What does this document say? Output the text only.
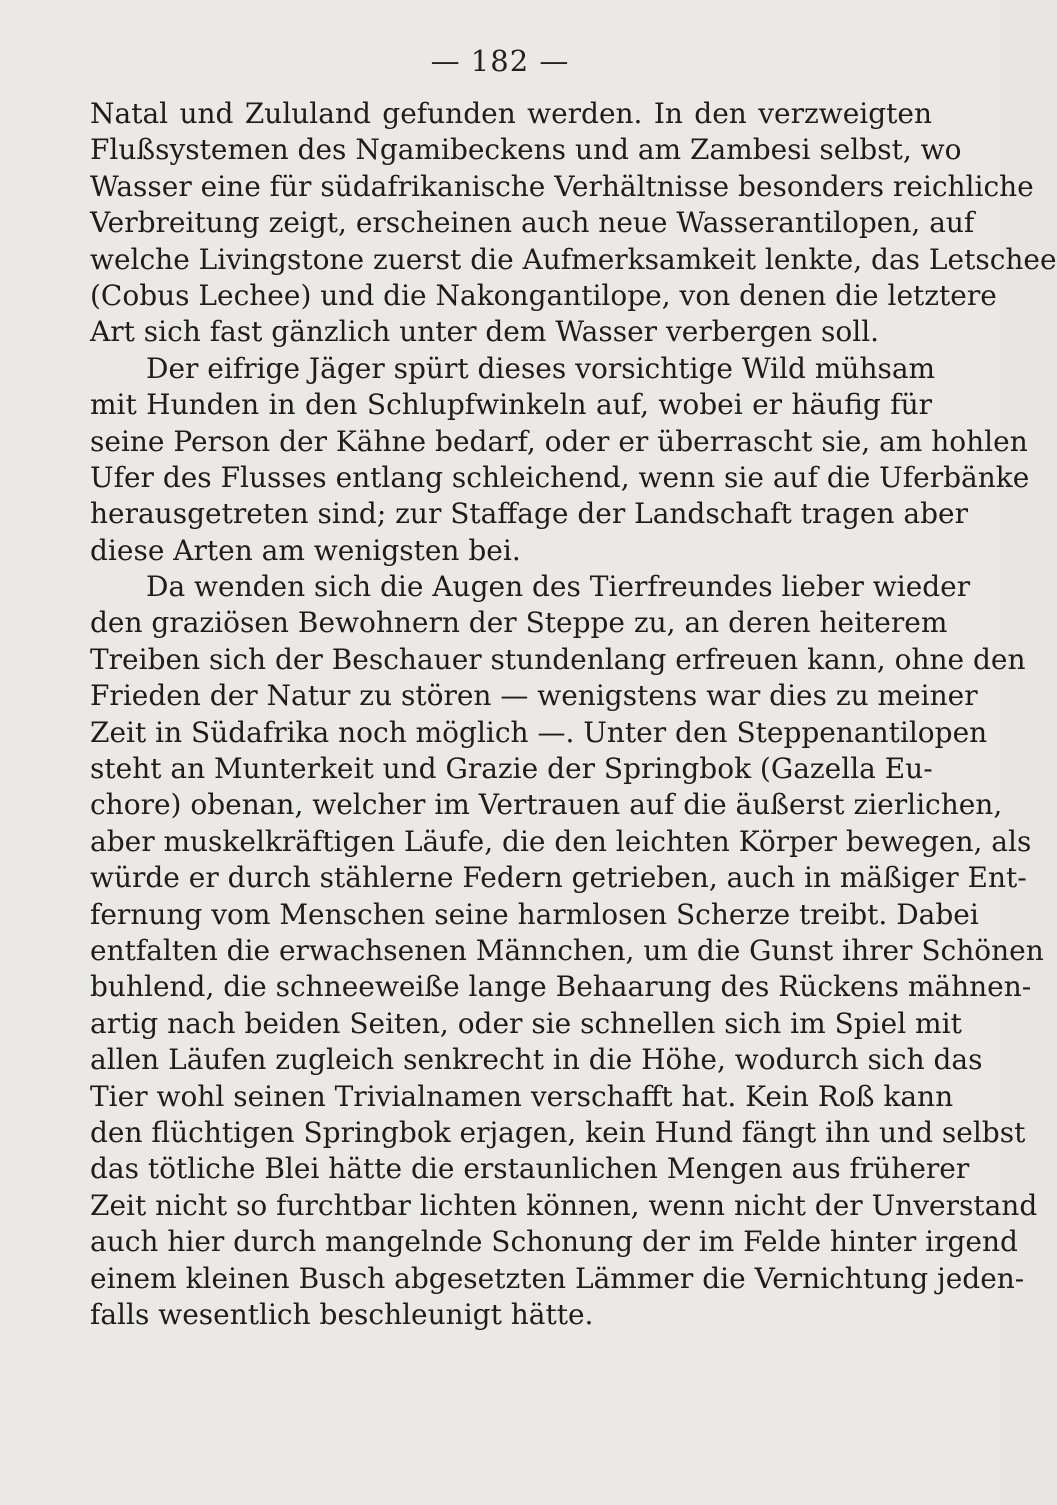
— 182 —
Natal und Zululand gefunden werden. In den verzweigten
Flußsystemen des Ngamibeckens und am Zambesi selbst, wo
Wasser eine für südafrikanische Verhältnisse besonders reichliche
Verbreitung zeigt, erscheinen auch neue Wasserantilopen, auf
welche Livingstone zuerst die Aufmerksamkeit lenkte, das Letschee
(Cobus Lechee) und die Nakongantilope, von denen die letztere
Art sich fast gänzlich unter dem Wasser verbergen soll.
Der eifrige Jäger spürt dieses vorsichtige Wild mühsam
mit Hunden in den Schlupfwinkeln auf, wobei er häufig für
seine Person der Kähne bedarf, oder er überrascht sie, am hohlen
Ufer des Flusses entlang schleichend, wenn sie auf die Uferbänke
herausgetreten sind; zur Staffage der Landschaft tragen aber
diese Arten am wenigsten bei.
Da wenden sich die Augen des Tierfreundes lieber wieder
den graziösen Bewohnern der Steppe zu, an deren heiterem
Treiben sich der Beschauer stundenlang erfreuen kann, ohne den
Frieden der Natur zu stören — wenigstens war dies zu meiner
Zeit in Südafrika noch möglich —. Unter den Steppenantilopen
steht an Munterkeit und Grazie der Springbok (Gazella Eu-
chore) obenan, welcher im Vertrauen auf die äußerst zierlichen,
aber muskelkräftigen Läufe, die den leichten Körper bewegen, als
würde er durch stählerne Federn getrieben, auch in mäßiger Ent-
fernung vom Menschen seine harmlosen Scherze treibt. Dabei
entfalten die erwachsenen Männchen, um die Gunst ihrer Schönen
buhlend, die schneeweiße lange Behaarung des Rückens mähnen-
artig nach beiden Seiten, oder sie schnellen sich im Spiel mit
allen Läufen zugleich senkrecht in die Höhe, wodurch sich das
Tier wohl seinen Trivialnamen verschafft hat. Kein Roß kann
den flüchtigen Springbok erjagen, kein Hund fängt ihn und selbst
das tötliche Blei hätte die erstaunlichen Mengen aus früherer
Zeit nicht so furchtbar lichten können, wenn nicht der Unverstand
auch hier durch mangelnde Schonung der im Felde hinter irgend
einem kleinen Busch abgesetzten Lämmer die Vernichtung jeden-
falls wesentlich beschleunigt hätte.
